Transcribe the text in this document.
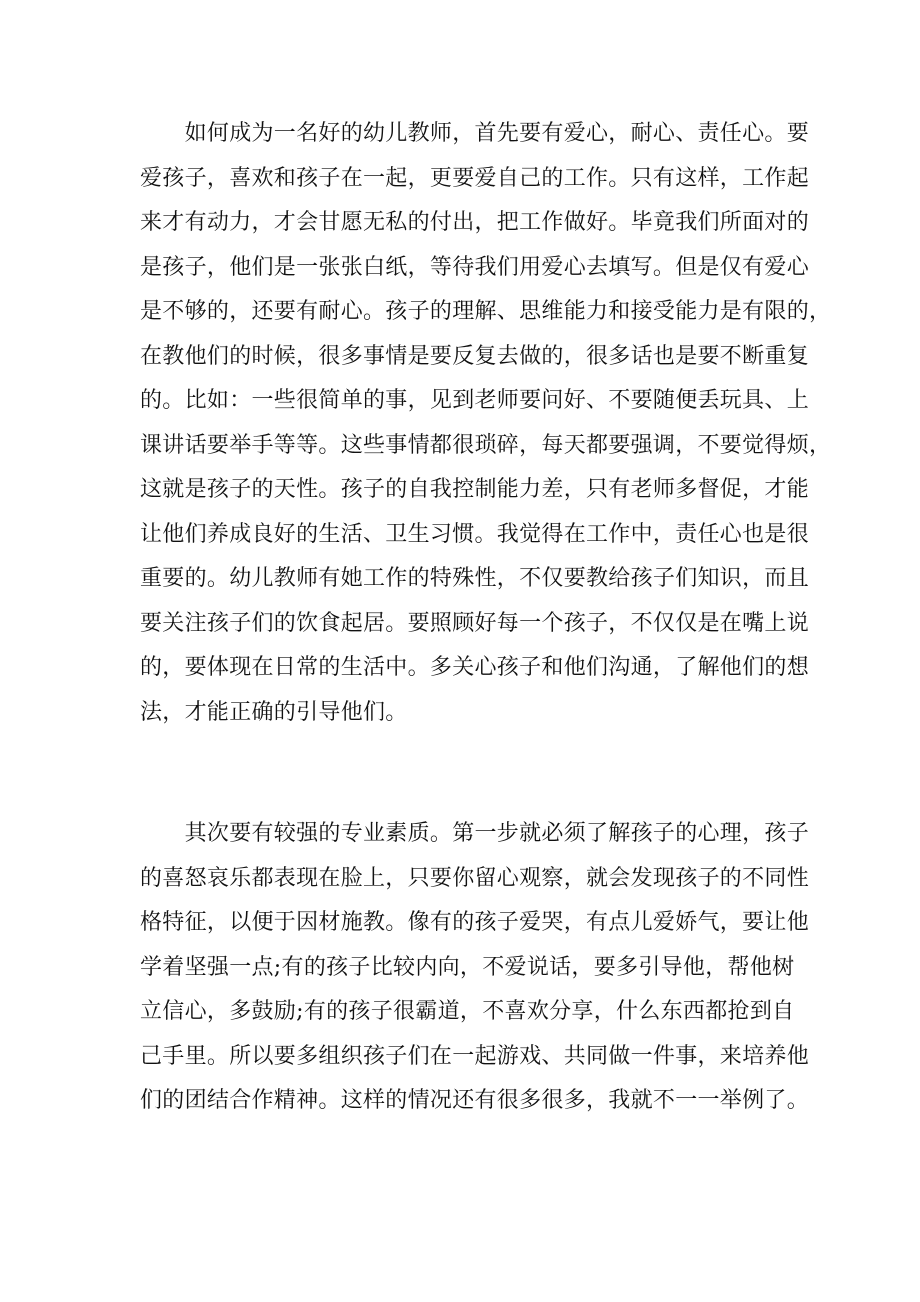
　　如何成为一名好的幼儿教师，首先要有爱心，耐心、责任心。要
爱孩子，喜欢和孩子在一起，更要爱自己的工作。只有这样，工作起
来才有动力，才会甘愿无私的付出，把工作做好。毕竟我们所面对的
是孩子，他们是一张张白纸，等待我们用爱心去填写。但是仅有爱心
是不够的，还要有耐心。孩子的理解、思维能力和接受能力是有限的，
在教他们的时候，很多事情是要反复去做的，很多话也是要不断重复
的。比如：一些很简单的事，见到老师要问好、不要随便丢玩具、上
课讲话要举手等等。这些事情都很琐碎，每天都要强调，不要觉得烦，
这就是孩子的天性。孩子的自我控制能力差，只有老师多督促，才能
让他们养成良好的生活、卫生习惯。我觉得在工作中，责任心也是很
重要的。幼儿教师有她工作的特殊性，不仅要教给孩子们知识，而且
要关注孩子们的饮食起居。要照顾好每一个孩子，不仅仅是在嘴上说
的，要体现在日常的生活中。多关心孩子和他们沟通，了解他们的想
法，才能正确的引导他们。
　　其次要有较强的专业素质。第一步就必须了解孩子的心理，孩子
的喜怒哀乐都表现在脸上，只要你留心观察，就会发现孩子的不同性
格特征，以便于因材施教。像有的孩子爱哭，有点儿爱娇气，要让他
学着坚强一点;有的孩子比较内向，不爱说话，要多引导他，帮他树
立信心，多鼓励;有的孩子很霸道，不喜欢分享，什么东西都抢到自
己手里。所以要多组织孩子们在一起游戏、共同做一件事，来培养他
们的团结合作精神。这样的情况还有很多很多，我就不一一举例了。
